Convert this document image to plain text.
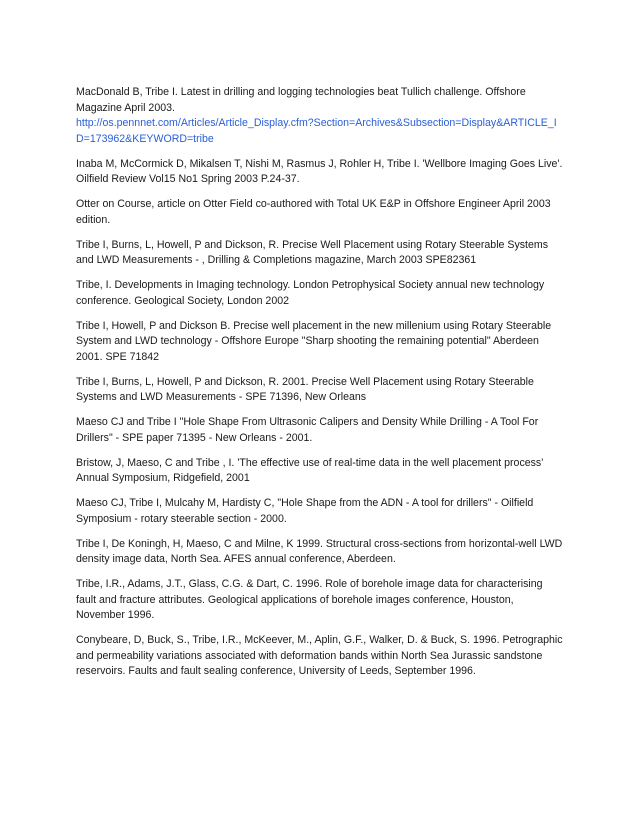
MacDonald B, Tribe I. Latest in drilling and logging technologies beat Tullich challenge. Offshore Magazine April 2003.

http://os.pennnet.com/Articles/Article_Display.cfm?Section=Archives&Subsection=Display&ARTICLE_ID=173962&KEYWORD=tribe

Inaba M, McCormick D, Mikalsen T, Nishi M, Rasmus J, Rohler H, Tribe I. 'Wellbore Imaging Goes Live'. Oilfield Review Vol15 No1 Spring 2003 P.24-37.

Otter on Course, article on Otter Field co-authored with Total UK E&P in Offshore Engineer April 2003 edition.

Tribe I, Burns, L, Howell, P and Dickson, R. Precise Well Placement using Rotary Steerable Systems and LWD Measurements - , Drilling & Completions magazine, March 2003 SPE82361

Tribe, I. Developments in Imaging technology. London Petrophysical Society annual new technology conference. Geological Society, London 2002

Tribe I, Howell, P and Dickson B. Precise well placement in the new millenium using Rotary Steerable System and LWD technology - Offshore Europe "Sharp shooting the remaining potential" Aberdeen 2001. SPE 71842

Tribe I, Burns, L, Howell, P and Dickson, R. 2001. Precise Well Placement using Rotary Steerable Systems and LWD Measurements - SPE 71396, New Orleans

Maeso CJ and Tribe I "Hole Shape From Ultrasonic Calipers and Density While Drilling - A Tool For Drillers" - SPE paper 71395 - New Orleans - 2001.

Bristow, J, Maeso, C and Tribe , I. 'The effective use of real-time data in the well placement process' Annual Symposium, Ridgefield, 2001

Maeso CJ, Tribe I, Mulcahy M, Hardisty C, "Hole Shape from the ADN - A tool for drillers" - Oilfield Symposium - rotary steerable section - 2000.

Tribe I, De Koningh, H, Maeso, C and Milne, K 1999. Structural cross-sections from horizontal-well LWD density image data, North Sea. AFES annual conference, Aberdeen.

Tribe, I.R., Adams, J.T., Glass, C.G. & Dart, C. 1996. Role of borehole image data for characterising fault and fracture attributes. Geological applications of borehole images conference, Houston, November 1996.

Conybeare, D, Buck, S., Tribe, I.R., McKeever, M., Aplin, G.F., Walker, D. & Buck, S. 1996. Petrographic and permeability variations associated with deformation bands within North Sea Jurassic sandstone reservoirs. Faults and fault sealing conference, University of Leeds, September 1996.
